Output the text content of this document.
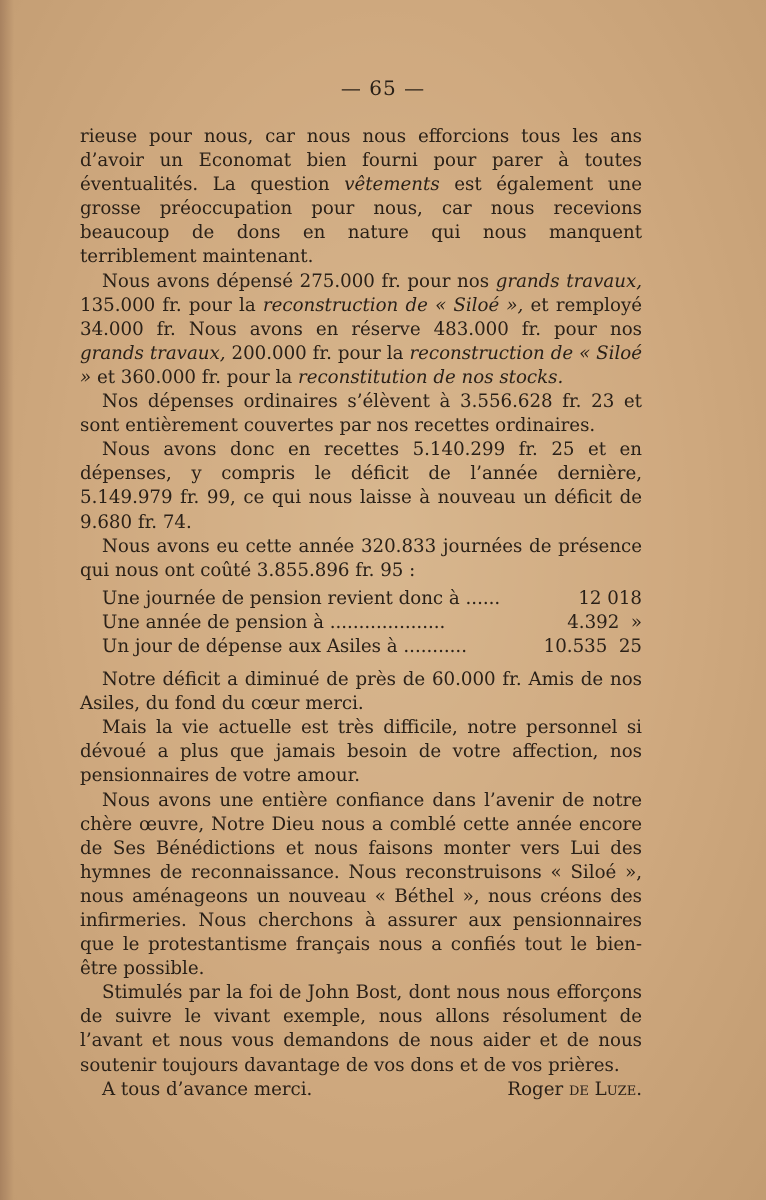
— 65 —

rieuse pour nous, car nous nous efforcions tous les ans d’avoir un Economat bien fourni pour parer à toutes éventualités. La question vêtements est également une grosse préoccupation pour nous, car nous recevions beaucoup de dons en nature qui nous manquent terriblement maintenant.

Nous avons dépensé 275.000 fr. pour nos grands travaux, 135.000 fr. pour la reconstruction de « Siloé », et remployé 34.000 fr. Nous avons en réserve 483.000 fr. pour nos grands travaux, 200.000 fr. pour la reconstruction de « Siloé » et 360.000 fr. pour la reconstitution de nos stocks.

Nos dépenses ordinaires s’élèvent à 3.556.628 fr. 23 et sont entièrement couvertes par nos recettes ordinaires.

Nous avons donc en recettes 5.140.299 fr. 25 et en dépenses, y compris le déficit de l’année dernière, 5.149.979 fr. 99, ce qui nous laisse à nouveau un déficit de 9.680 fr. 74.

Nous avons eu cette année 320.833 journées de présence qui nous ont coûté 3.855.896 fr. 95 :

Une journée de pension revient donc à ......	12 018
Une année de pension à ....................	4.392  »
Un jour de dépense aux Asiles à ...........	10.535  25

Notre déficit a diminué de près de 60.000 fr. Amis de nos Asiles, du fond du cœur merci.

Mais la vie actuelle est très difficile, notre personnel si dévoué a plus que jamais besoin de votre affection, nos pensionnaires de votre amour.

Nous avons une entière confiance dans l’avenir de notre chère œuvre, Notre Dieu nous a comblé cette année encore de Ses Bénédictions et nous faisons monter vers Lui des hymnes de reconnaissance. Nous reconstruisons « Siloé », nous aménageons un nouveau « Béthel », nous créons des infirmeries. Nous cherchons à assurer aux pensionnaires que le protestantisme français nous a confiés tout le bien-être possible.

Stimulés par la foi de John Bost, dont nous nous efforçons de suivre le vivant exemple, nous allons résolument de l’avant et nous vous demandons de nous aider et de nous soutenir toujours davantage de vos dons et de vos prières.

A tous d’avance merci.	Roger de Luze.
